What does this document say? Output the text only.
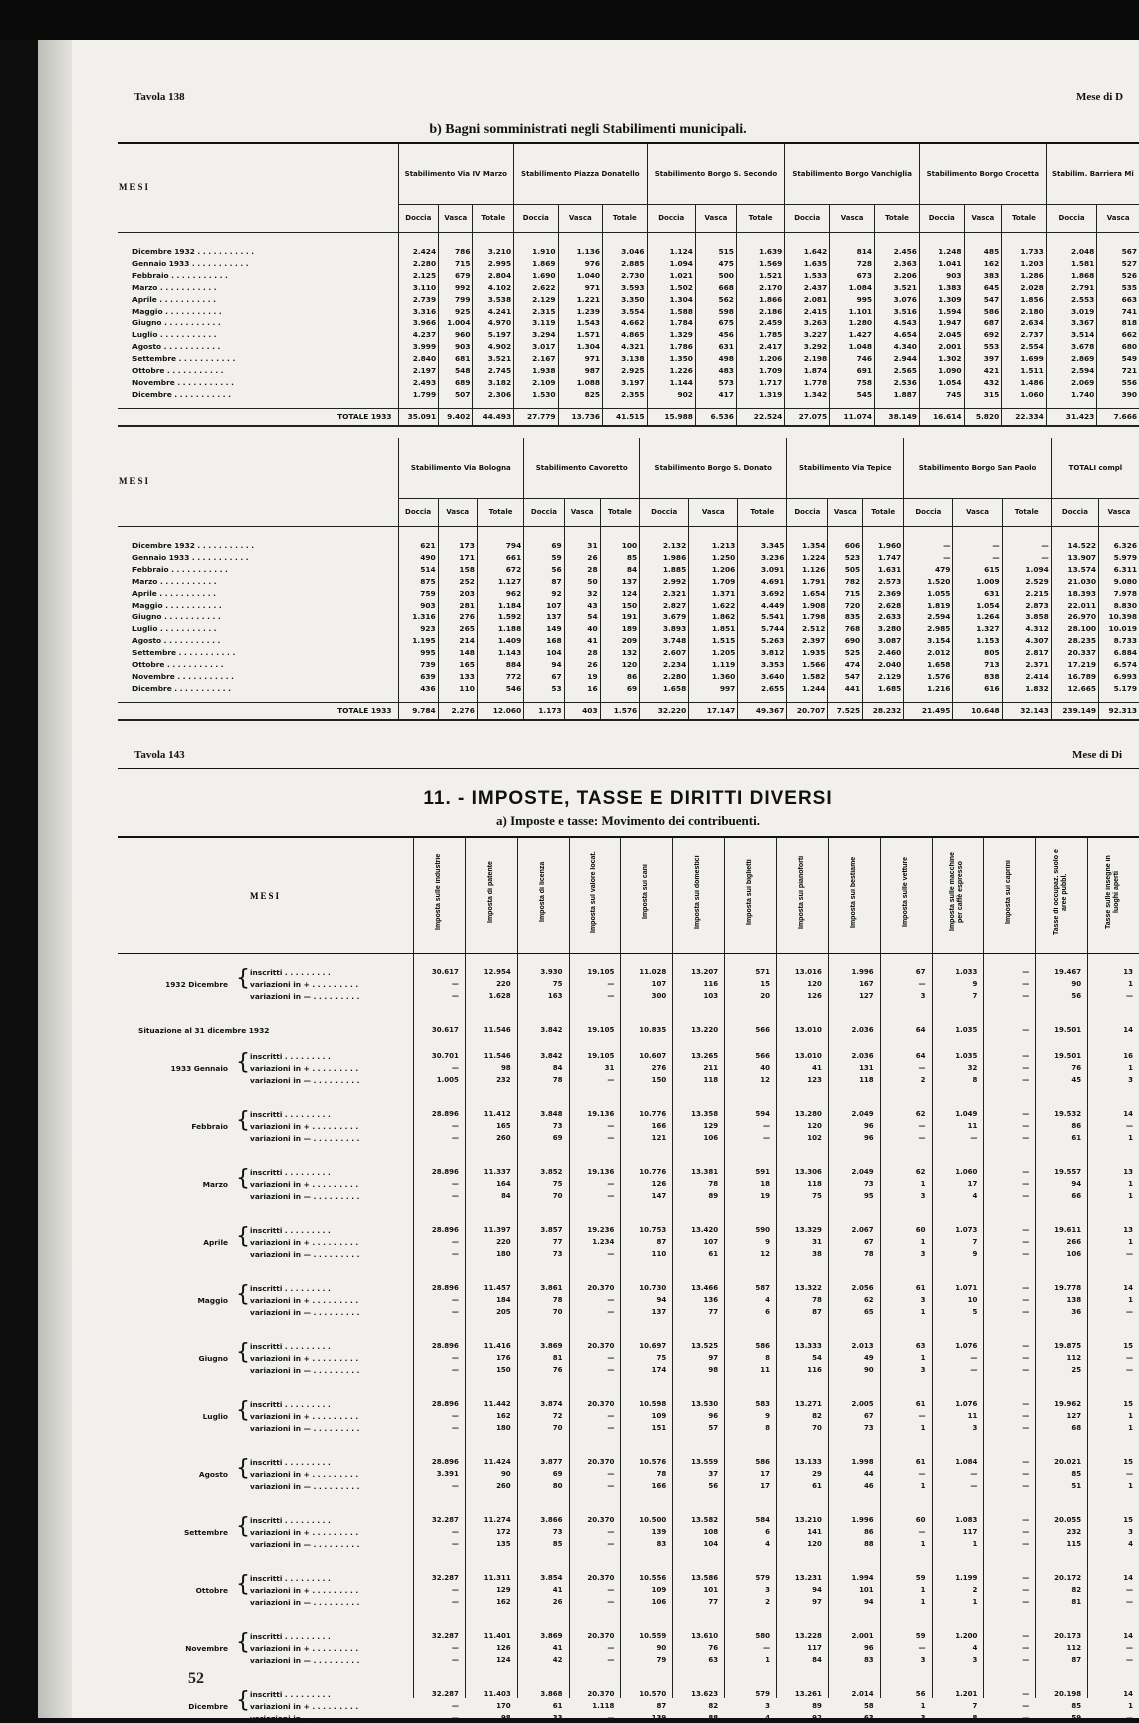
Tavola 138	Mese di D
b) Bagni somministrati negli Stabilimenti municipali.
MESI	Stabilimento Via IV Marzo			Stabilimento Piazza Donatello			Stabilimento Borgo S. Secondo			Stabilimento Borgo Vanchiglia			Stabilimento Borgo Crocetta			Stabilim. Barriera Mi	
	Doccia	Vasca	Totale	Doccia	Vasca	Totale	Doccia	Vasca	Totale	Doccia	Vasca	Totale	Doccia	Vasca	Totale	Doccia	Vasca

Dicembre 1932 . . . . . . . . . . .	2.424	786	3.210	1.910	1.136	3.046	1.124	515	1.639	1.642	814	2.456	1.248	485	1.733	2.048	567
Gennaio 1933 . . . . . . . . . . .	2.280	715	2.995	1.869	976	2.885	1.094	475	1.569	1.635	728	2.363	1.041	162	1.203	1.581	527
Febbraio . . . . . . . . . . .	2.125	679	2.804	1.690	1.040	2.730	1.021	500	1.521	1.533	673	2.206	903	383	1.286	1.868	526
Marzo . . . . . . . . . . .	3.110	992	4.102	2.622	971	3.593	1.502	668	2.170	2.437	1.084	3.521	1.383	645	2.028	2.791	535
Aprile . . . . . . . . . . .	2.739	799	3.538	2.129	1.221	3.350	1.304	562	1.866	2.081	995	3.076	1.309	547	1.856	2.553	663
Maggio . . . . . . . . . . .	3.316	925	4.241	2.315	1.239	3.554	1.588	598	2.186	2.415	1.101	3.516	1.594	586	2.180	3.019	741
Giugno . . . . . . . . . . .	3.966	1.004	4.970	3.119	1.543	4.662	1.784	675	2.459	3.263	1.280	4.543	1.947	687	2.634	3.367	818
Luglio . . . . . . . . . . .	4.237	960	5.197	3.294	1.571	4.865	1.329	456	1.785	3.227	1.427	4.654	2.045	692	2.737	3.514	662
Agosto . . . . . . . . . . .	3.999	903	4.902	3.017	1.304	4.321	1.786	631	2.417	3.292	1.048	4.340	2.001	553	2.554	3.678	680
Settembre . . . . . . . . . . .	2.840	681	3.521	2.167	971	3.138	1.350	498	1.206	2.198	746	2.944	1.302	397	1.699	2.869	549
Ottobre . . . . . . . . . . .	2.197	548	2.745	1.938	987	2.925	1.226	483	1.709	1.874	691	2.565	1.090	421	1.511	2.594	721
Novembre . . . . . . . . . . .	2.493	689	3.182	2.109	1.088	3.197	1.144	573	1.717	1.778	758	2.536	1.054	432	1.486	2.069	556
Dicembre . . . . . . . . . . .	1.799	507	2.306	1.530	825	2.355	902	417	1.319	1.342	545	1.887	745	315	1.060	1.740	390

TOTALE 1933	35.091	9.402	44.493	27.779	13.736	41.515	15.988	6.536	22.524	27.075	11.074	38.149	16.614	5.820	22.334	31.423	7.666
MESI	Stabilimento Via Bologna			Stabilimento Cavoretto			Stabilimento Borgo S. Donato			Stabilimento Via Tepice			Stabilimento Borgo San Paolo			TOTALI compl	
	Doccia	Vasca	Totale	Doccia	Vasca	Totale	Doccia	Vasca	Totale	Doccia	Vasca	Totale	Doccia	Vasca	Totale	Doccia	Vasca

Dicembre 1932 . . . . . . . . . . .	621	173	794	69	31	100	2.132	1.213	3.345	1.354	606	1.960	—	—	—	14.522	6.326
Gennaio 1933 . . . . . . . . . . .	490	171	661	59	26	85	1.986	1.250	3.236	1.224	523	1.747	—	—	—	13.907	5.979
Febbraio . . . . . . . . . . .	514	158	672	56	28	84	1.885	1.206	3.091	1.126	505	1.631	479	615	1.094	13.574	6.311
Marzo . . . . . . . . . . .	875	252	1.127	87	50	137	2.992	1.709	4.691	1.791	782	2.573	1.520	1.009	2.529	21.030	9.080
Aprile . . . . . . . . . . .	759	203	962	92	32	124	2.321	1.371	3.692	1.654	715	2.369	1.055	631	2.215	18.393	7.978
Maggio . . . . . . . . . . .	903	281	1.184	107	43	150	2.827	1.622	4.449	1.908	720	2.628	1.819	1.054	2.873	22.011	8.830
Giugno . . . . . . . . . . .	1.316	276	1.592	137	54	191	3.679	1.862	5.541	1.798	835	2.633	2.594	1.264	3.858	26.970	10.398
Luglio . . . . . . . . . . .	923	265	1.188	149	40	189	3.893	1.851	5.744	2.512	768	3.280	2.985	1.327	4.312	28.100	10.019
Agosto . . . . . . . . . . .	1.195	214	1.409	168	41	209	3.748	1.515	5.263	2.397	690	3.087	3.154	1.153	4.307	28.235	8.733
Settembre . . . . . . . . . . .	995	148	1.143	104	28	132	2.607	1.205	3.812	1.935	525	2.460	2.012	805	2.817	20.337	6.884
Ottobre . . . . . . . . . . .	739	165	884	94	26	120	2.234	1.119	3.353	1.566	474	2.040	1.658	713	2.371	17.219	6.574
Novembre . . . . . . . . . . .	639	133	772	67	19	86	2.280	1.360	3.640	1.582	547	2.129	1.576	838	2.414	16.789	6.993
Dicembre . . . . . . . . . . .	436	110	546	53	16	69	1.658	997	2.655	1.244	441	1.685	1.216	616	1.832	12.665	5.179

TOTALE 1933	9.784	2.276	12.060	1.173	403	1.576	32.220	17.147	49.367	20.707	7.525	28.232	21.495	10.648	32.143	239.149	92.313
Tavola 143	Mese di Di
11. - IMPOSTE, TASSE E DIRITTI DIVERSI
a) Imposte e tasse: Movimento dei contribuenti.
MESI	Imposta sulle industrie	Imposta di patente	Imposta di licenza	Imposta sul valore locat.	Imposta sui cani	Imposta sui domestici	Imposta sui biglietti	Imposta sui pianoforti	Imposta sui bestiame	Imposta sulle vetture	Imposta sulle macchine per caffè espresso	Imposta sui caprini	Tasse di occupaz. suolo e aree pubbl.	Tasse sulle insegne in luoghi aperti
1932 Dicembre { inscritti . . . . . . . . .	30.617	12.954	3.930	19.105	11.028	13.207	571	13.016	1.996	67	1.033	—	19.467	13
variazioni in + . . . . . . . . .	—	220	75	—	107	116	15	120	167	—	9	—	90	1
variazioni in — . . . . . . . . .	—	1.628	163	—	300	103	20	126	127	3	7	—	56	—
Situazione al 31 dicembre 1932	30.617	11.546	3.842	19.105	10.835	13.220	566	13.010	2.036	64	1.035	—	19.501	14
1933 Gennaio { inscritti . . . . . . . . .	30.701	11.546	3.842	19.105	10.607	13.265	566	13.010	2.036	64	1.035	—	19.501	16
variazioni in + . . . . . . . . .	—	98	84	31	276	211	40	41	131	—	32	—	76	1
variazioni in — . . . . . . . . .	1.005	232	78	—	150	118	12	123	118	2	8	—	45	3
Febbraio { inscritti . . . . . . . . .	28.896	11.412	3.848	19.136	10.776	13.358	594	13.280	2.049	62	1.049	—	19.532	14
variazioni in + . . . . . . . . .	—	165	73	—	166	129	—	120	96	—	11	—	86	—
variazioni in — . . . . . . . . .	—	260	69	—	121	106	—	102	96	—	—	—	61	1
Marzo { inscritti . . . . . . . . .	28.896	11.337	3.852	19.136	10.776	13.381	591	13.306	2.049	62	1.060	—	19.557	13
variazioni in + . . . . . . . . .	—	164	75	—	126	78	18	118	73	1	17	—	94	1
variazioni in — . . . . . . . . .	—	84	70	—	147	89	19	75	95	3	4	—	66	1
Aprile { inscritti . . . . . . . . .	28.896	11.397	3.857	19.236	10.753	13.420	590	13.329	2.067	60	1.073	—	19.611	13
variazioni in + . . . . . . . . .	—	220	77	1.234	87	107	9	31	67	1	7	—	266	1
variazioni in — . . . . . . . . .	—	180	73	—	110	61	12	38	78	3	9	—	106	—
Maggio { inscritti . . . . . . . . .	28.896	11.457	3.861	20.370	10.730	13.466	587	13.322	2.056	61	1.071	—	19.778	14
variazioni in + . . . . . . . . .	—	184	78	—	94	136	4	78	62	3	10	—	138	1
variazioni in — . . . . . . . . .	—	205	70	—	137	77	6	87	65	1	5	—	36	—
Giugno { inscritti . . . . . . . . .	28.896	11.416	3.869	20.370	10.697	13.525	586	13.333	2.013	63	1.076	—	19.875	15
variazioni in + . . . . . . . . .	—	176	81	—	75	97	8	54	49	1	—	—	112	—
variazioni in — . . . . . . . . .	—	150	76	—	174	98	11	116	90	3	—	—	25	—
Luglio { inscritti . . . . . . . . .	28.896	11.442	3.874	20.370	10.598	13.530	583	13.271	2.005	61	1.076	—	19.962	15
variazioni in + . . . . . . . . .	—	162	72	—	109	96	9	82	67	—	11	—	127	1
variazioni in — . . . . . . . . .	—	180	70	—	151	57	8	70	73	1	3	—	68	1
Agosto { inscritti . . . . . . . . .	28.896	11.424	3.877	20.370	10.576	13.559	586	13.133	1.998	61	1.084	—	20.021	15
variazioni in + . . . . . . . . .	3.391	90	69	—	78	37	17	29	44	—	—	—	85	—
variazioni in — . . . . . . . . .	—	260	80	—	166	56	17	61	46	1	—	—	51	1
Settembre { inscritti . . . . . . . . .	32.287	11.274	3.866	20.370	10.500	13.582	584	13.210	1.996	60	1.083	—	20.055	15
variazioni in + . . . . . . . . .	—	172	73	—	139	108	6	141	86	—	117	—	232	3
variazioni in — . . . . . . . . .	—	135	85	—	83	104	4	120	88	1	1	—	115	4
Ottobre { inscritti . . . . . . . . .	32.287	11.311	3.854	20.370	10.556	13.586	579	13.231	1.994	59	1.199	—	20.172	14
variazioni in + . . . . . . . . .	—	129	41	—	109	101	3	94	101	1	2	—	82	—
variazioni in — . . . . . . . . .	—	162	26	—	106	77	2	97	94	1	1	—	81	—
Novembre { inscritti . . . . . . . . .	32.287	11.401	3.869	20.370	10.559	13.610	580	13.228	2.001	59	1.200	—	20.173	14
variazioni in + . . . . . . . . .	—	126	41	—	90	76	—	117	96	—	4	—	112	—
variazioni in — . . . . . . . . .	—	124	42	—	79	63	1	84	83	3	3	—	87	—
Dicembre { inscritti . . . . . . . . .	32.287	11.403	3.868	20.370	10.570	13.623	579	13.261	2.014	56	1.201	—	20.198	14
variazioni in + . . . . . . . . .	—	170	61	1.118	87	82	3	89	58	1	7	—	85	1
variazioni in — . . . . . . . . .	—	98	33	—	139	88	4	92	63	3	8	—	59	—
52
